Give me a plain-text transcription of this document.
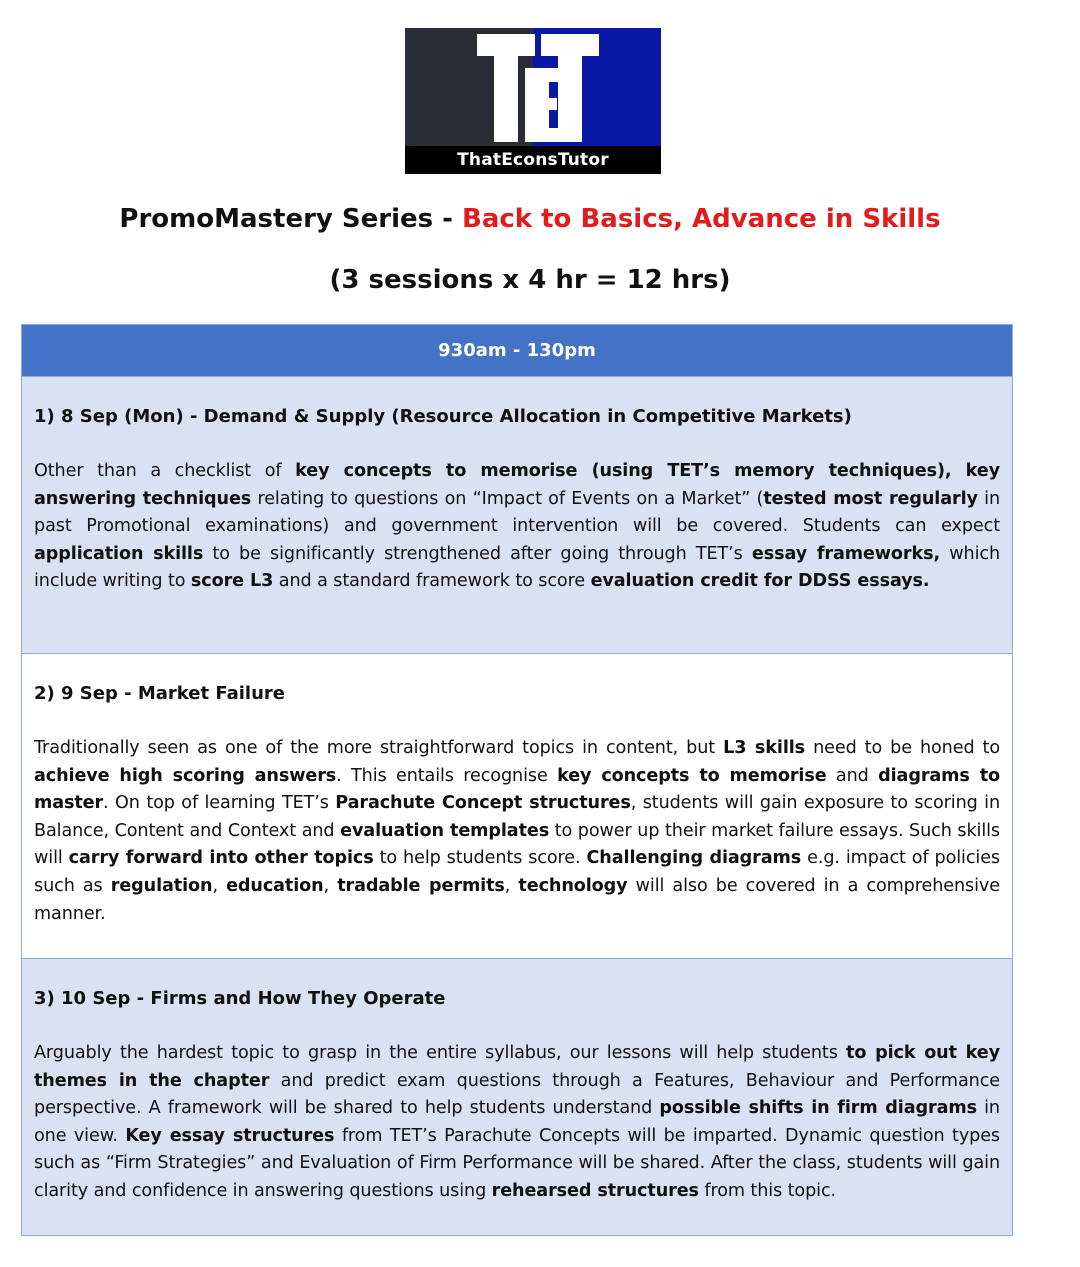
ThatEconsTutor
PromoMastery Series - Back to Basics, Advance in Skills
(3 sessions x 4 hr = 12 hrs)
930am - 130pm
1) 8 Sep (Mon) - Demand & Supply (Resource Allocation in Competitive Markets)

Other than a checklist of key concepts to memorise (using TET’s memory techniques), key answering techniques relating to questions on “Impact of Events on a Market” (tested most regularly in past Promotional examinations) and government intervention will be covered. Students can expect application skills to be significantly strengthened after going through TET’s essay frameworks, which include writing to score L3 and a standard framework to score evaluation credit for DDSS essays.

2) 9 Sep - Market Failure

Traditionally seen as one of the more straightforward topics in content, but L3 skills need to be honed to achieve high scoring answers. This entails recognise key concepts to memorise and diagrams to master. On top of learning TET’s Parachute Concept structures, students will gain exposure to scoring in Balance, Content and Context and evaluation templates to power up their market failure essays. Such skills will carry forward into other topics to help students score. Challenging diagrams e.g. impact of policies such as regulation, education, tradable permits, technology will also be covered in a comprehensive manner.

3) 10 Sep - Firms and How They Operate

Arguably the hardest topic to grasp in the entire syllabus, our lessons will help students to pick out key themes in the chapter and predict exam questions through a Features, Behaviour and Performance perspective. A framework will be shared to help students understand possible shifts in firm diagrams in one view. Key essay structures from TET’s Parachute Concepts will be imparted. Dynamic question types such as “Firm Strategies” and Evaluation of Firm Performance will be shared. After the class, students will gain clarity and confidence in answering questions using rehearsed structures from this topic.
